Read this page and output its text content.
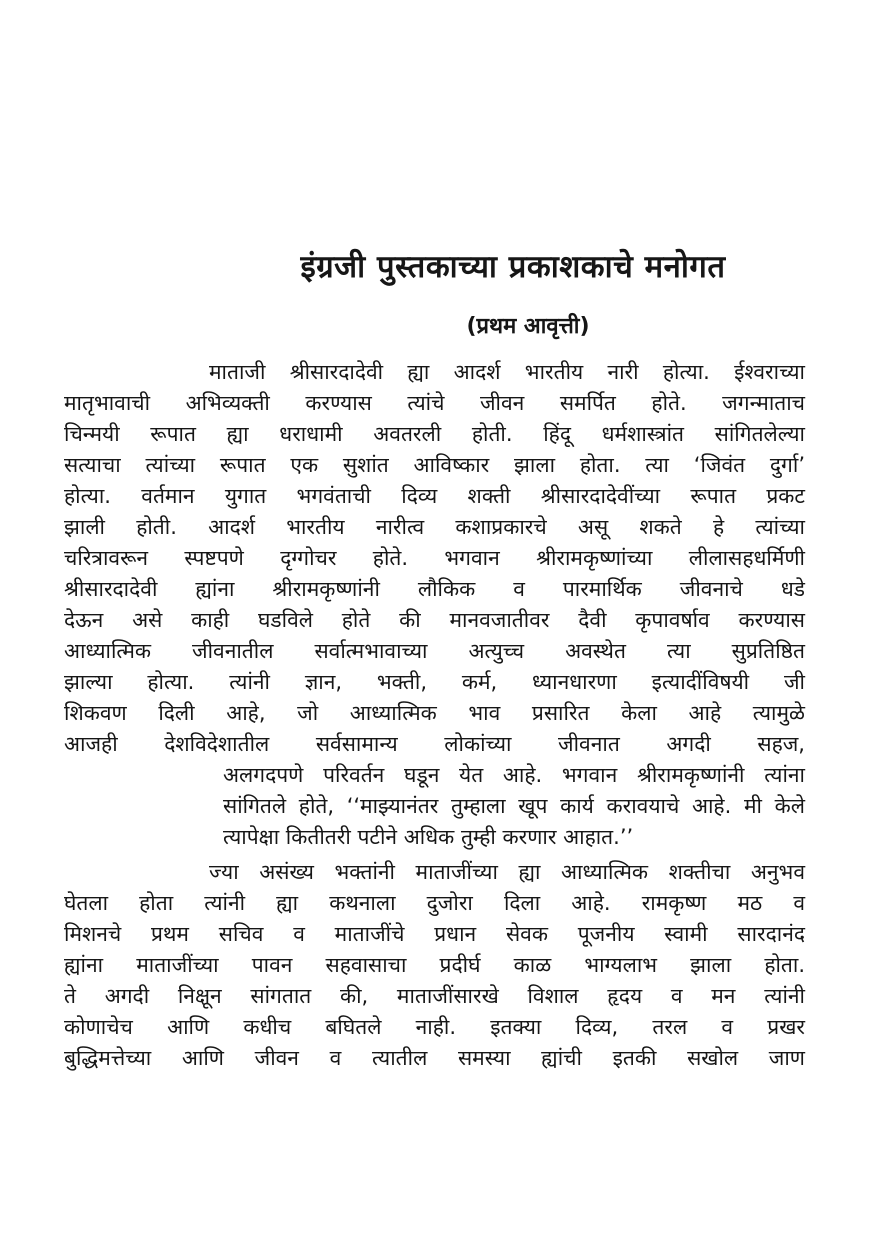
इंग्रजी पुस्तकाच्या प्रकाशकाचे मनोगत
(प्रथम आवृत्ती)
माताजी श्रीसारदादेवी ह्या आदर्श भारतीय नारी होत्या. ईश्वराच्या
मातृभावाची अभिव्यक्ती करण्यास त्यांचे जीवन समर्पित होते. जगन्माताच
चिन्मयी रूपात ह्या धराधामी अवतरली होती. हिंदू धर्मशास्त्रांत सांगितलेल्या
सत्याचा त्यांच्या रूपात एक सुशांत आविष्कार झाला होता. त्या ‘जिवंत दुर्गा’
होत्या. वर्तमान युगात भगवंताची दिव्य शक्ती श्रीसारदादेवींच्या रूपात प्रकट
झाली होती. आदर्श भारतीय नारीत्व कशाप्रकारचे असू शकते हे त्यांच्या
चरित्रावरून स्पष्टपणे दृग्गोचर होते. भगवान श्रीरामकृष्णांच्या लीलासहधर्मिणी
श्रीसारदादेवी ह्यांना श्रीरामकृष्णांनी लौकिक व पारमार्थिक जीवनाचे धडे
देऊन असे काही घडविले होते की मानवजातीवर दैवी कृपावर्षाव करण्यास
आध्यात्मिक जीवनातील सर्वात्मभावाच्या अत्युच्च अवस्थेत त्या सुप्रतिष्ठित
झाल्या होत्या. त्यांनी ज्ञान, भक्ती, कर्म, ध्यानधारणा इत्यादींविषयी जी
शिकवण दिली आहे, जो आध्यात्मिक भाव प्रसारित केला आहे त्यामुळे
आजही देशविदेशातील सर्वसामान्य लोकांच्या जीवनात अगदी सहज,
अलगदपणे परिवर्तन घडून येत आहे. भगवान श्रीरामकृष्णांनी त्यांना
सांगितले होते, ‘‘माझ्यानंतर तुम्हाला खूप कार्य करावयाचे आहे. मी केले
त्यापेक्षा कितीतरी पटीने अधिक तुम्ही करणार आहात.’’
ज्या असंख्य भक्तांनी माताजींच्या ह्या आध्यात्मिक शक्तीचा अनुभव
घेतला होता त्यांनी ह्या कथनाला दुजोरा दिला आहे. रामकृष्ण मठ व
मिशनचे प्रथम सचिव व माताजींचे प्रधान सेवक पूजनीय स्वामी सारदानंद
ह्यांना माताजींच्या पावन सहवासाचा प्रदीर्घ काळ भाग्यलाभ झाला होता.
ते अगदी निक्षून सांगतात की, माताजींसारखे विशाल हृदय व मन त्यांनी
कोणाचेच आणि कधीच बघितले नाही. इतक्या दिव्य, तरल व प्रखर
बुद्धिमत्तेच्या आणि जीवन व त्यातील समस्या ह्यांची इतकी सखोल जाण
